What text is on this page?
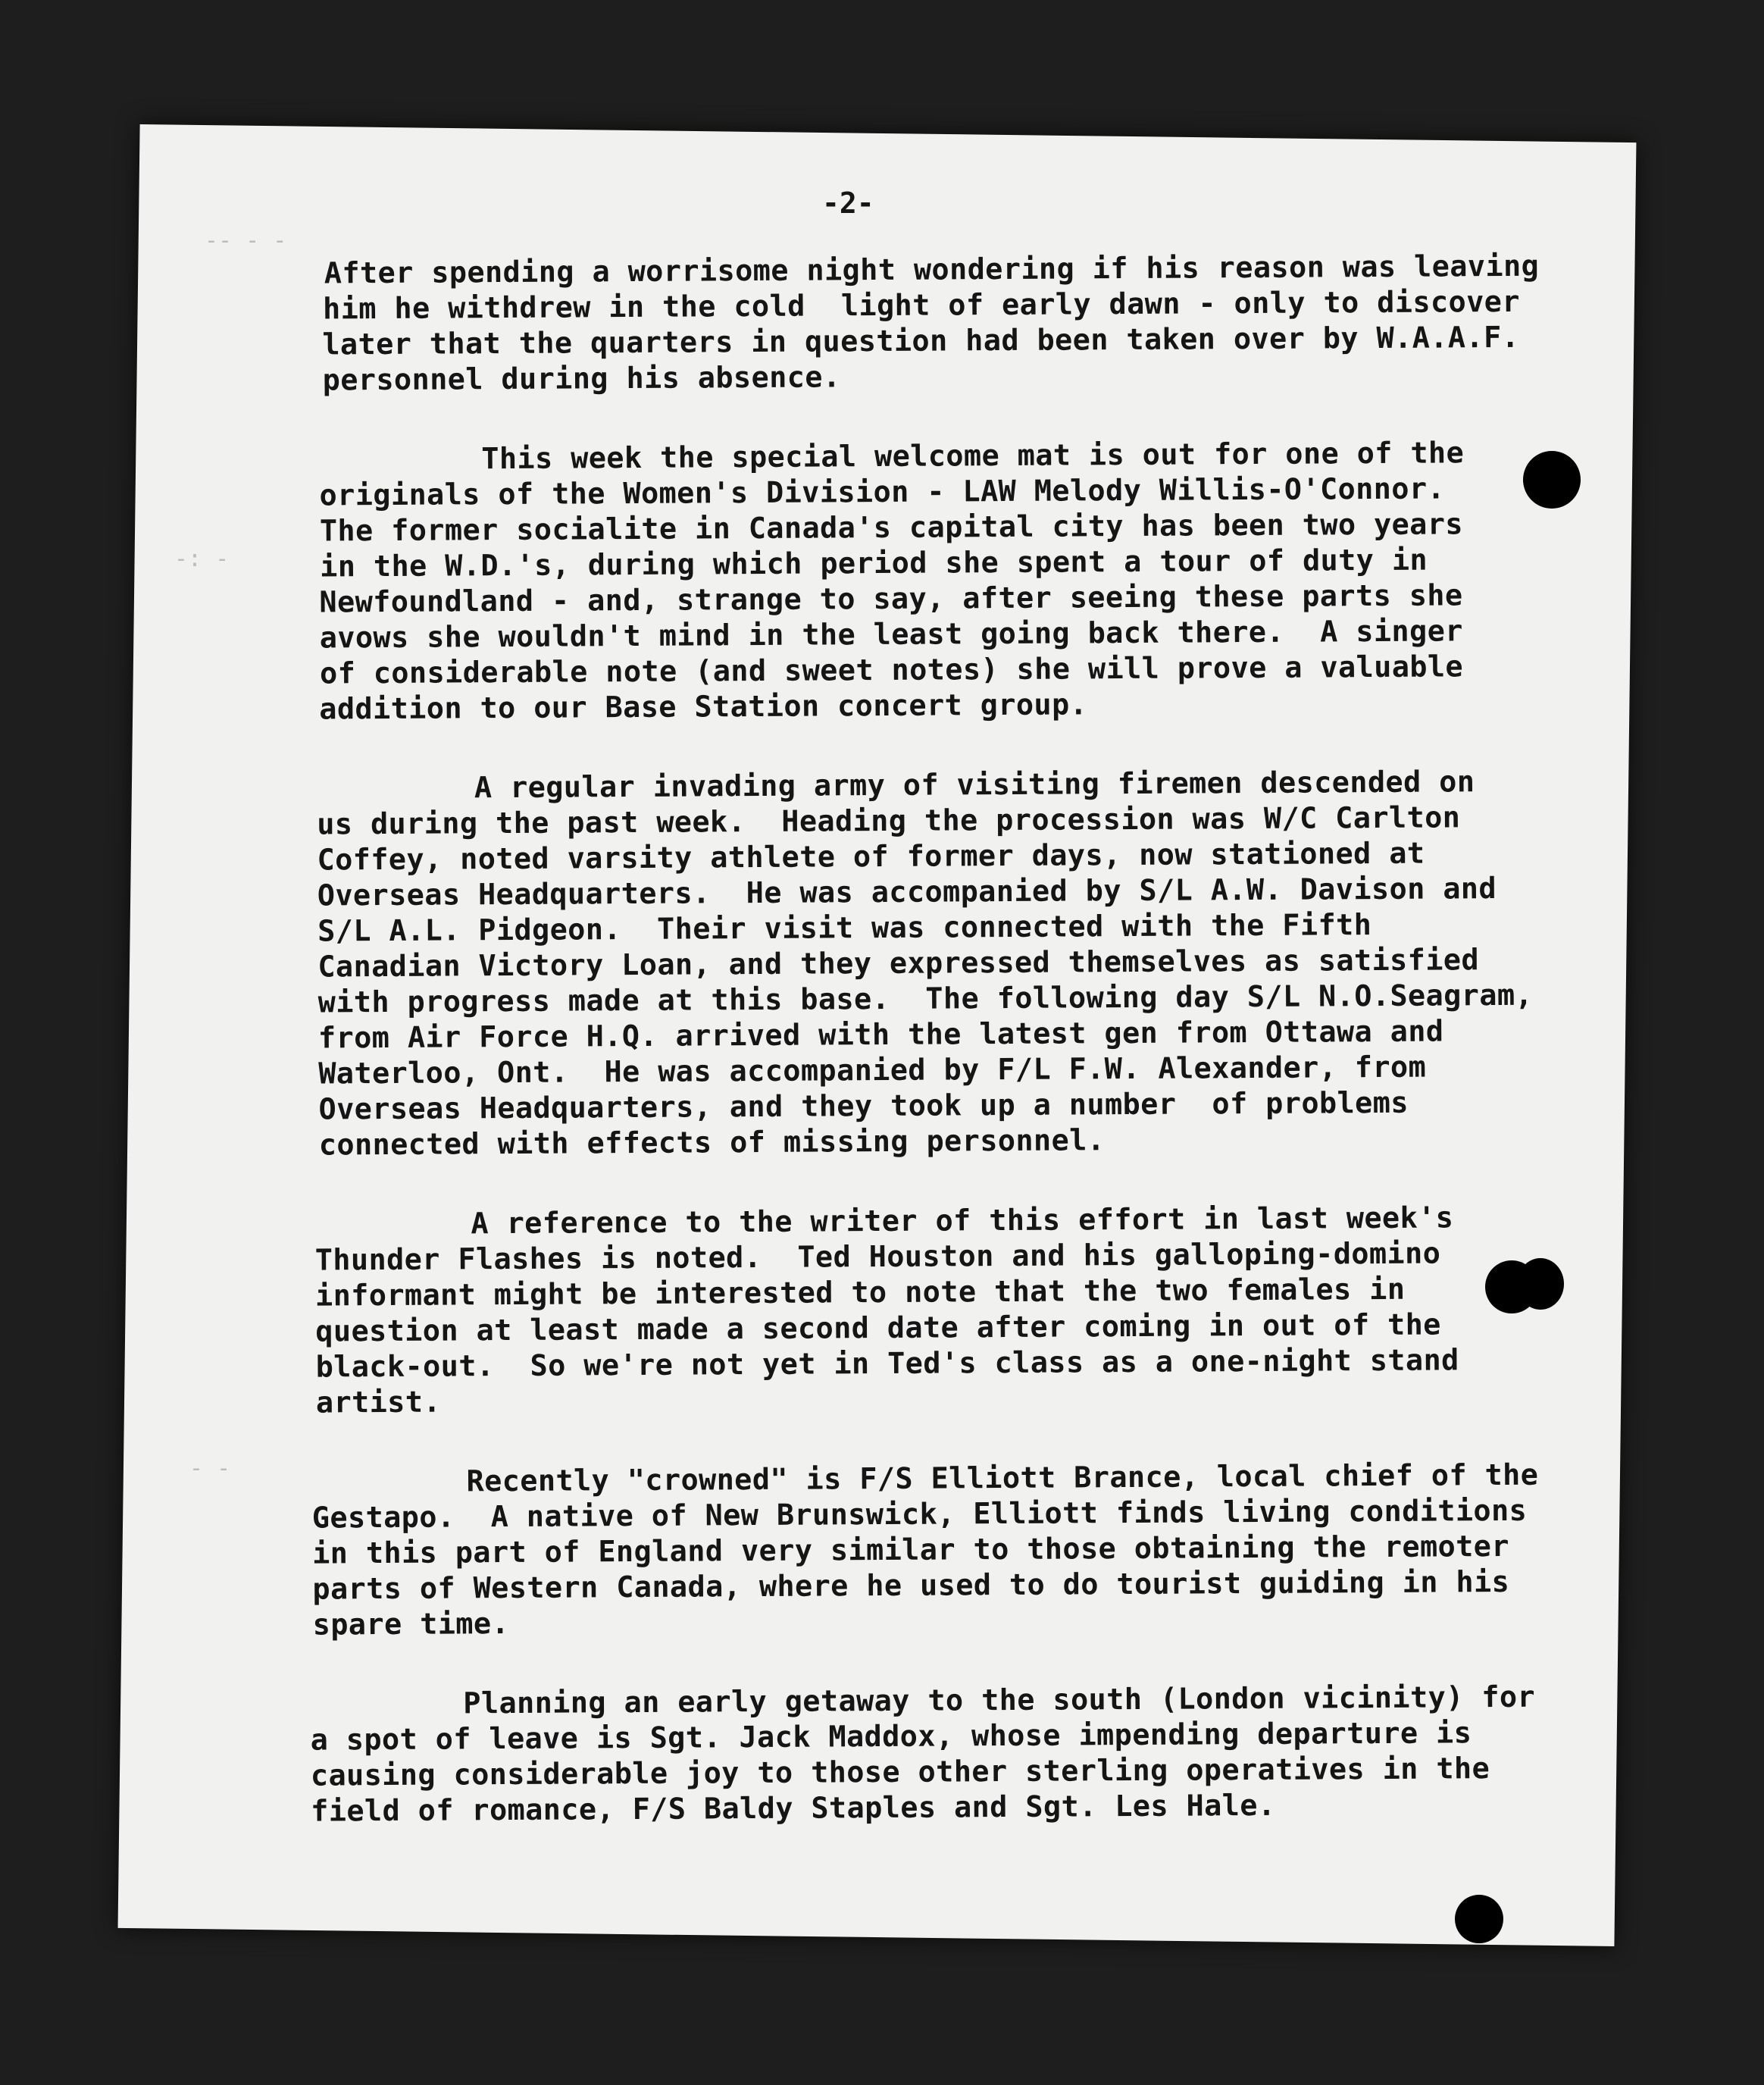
-- - -
-: -
- -
-2-
After spending a worrisome night wondering if his reason was leaving
him he withdrew in the cold  light of early dawn - only to discover
later that the quarters in question had been taken over by W.A.A.F.
personnel during his absence.
This week the special welcome mat is out for one of the
originals of the Women's Division - LAW Melody Willis-O'Connor.
The former socialite in Canada's capital city has been two years
in the W.D.'s, during which period she spent a tour of duty in
Newfoundland - and, strange to say, after seeing these parts she
avows she wouldn't mind in the least going back there.  A singer
of considerable note (and sweet notes) she will prove a valuable
addition to our Base Station concert group.
A regular invading army of visiting firemen descended on
us during the past week.  Heading the procession was W/C Carlton
Coffey, noted varsity athlete of former days, now stationed at
Overseas Headquarters.  He was accompanied by S/L A.W. Davison and
S/L A.L. Pidgeon.  Their visit was connected with the Fifth
Canadian Victory Loan, and they expressed themselves as satisfied
with progress made at this base.  The following day S/L N.O.Seagram,
from Air Force H.Q. arrived with the latest gen from Ottawa and
Waterloo, Ont.  He was accompanied by F/L F.W. Alexander, from
Overseas Headquarters, and they took up a number  of problems
connected with effects of missing personnel.
A reference to the writer of this effort in last week's
Thunder Flashes is noted.  Ted Houston and his galloping-domino
informant might be interested to note that the two females in
question at least made a second date after coming in out of the
black-out.  So we're not yet in Ted's class as a one-night stand
artist.
Recently "crowned" is F/S Elliott Brance, local chief of the
Gestapo.  A native of New Brunswick, Elliott finds living conditions
in this part of England very similar to those obtaining the remoter
parts of Western Canada, where he used to do tourist guiding in his
spare time.
Planning an early getaway to the south (London vicinity) for
a spot of leave is Sgt. Jack Maddox, whose impending departure is
causing considerable joy to those other sterling operatives in the
field of romance, F/S Baldy Staples and Sgt. Les Hale.
